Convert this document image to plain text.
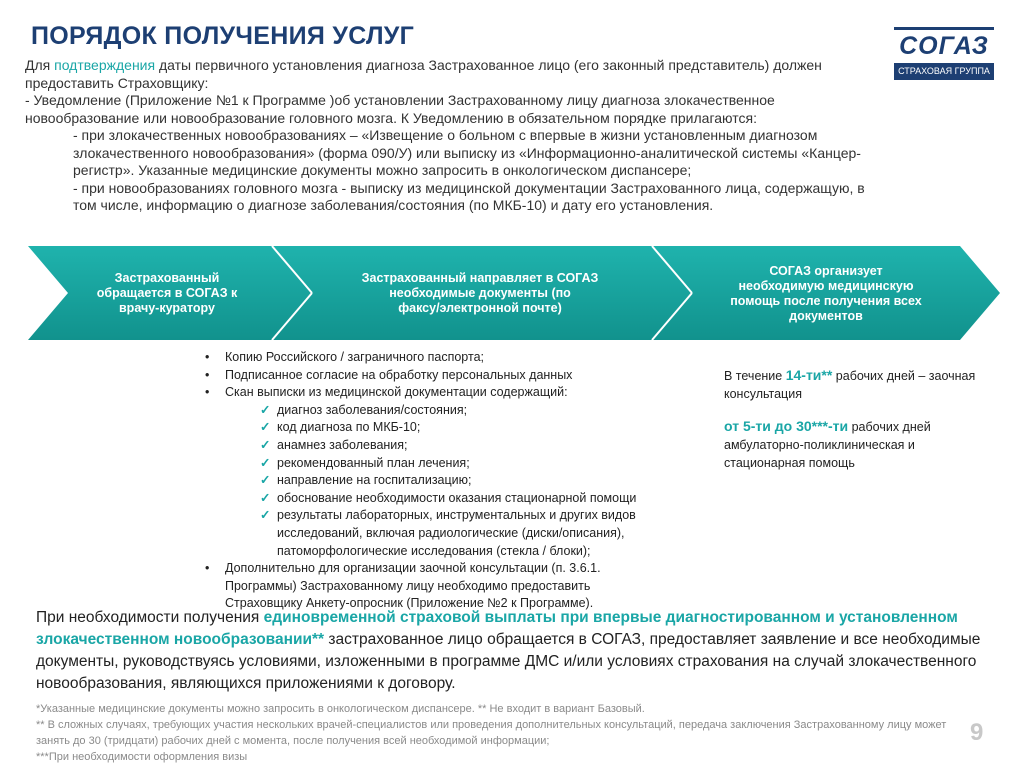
ПОРЯДОК ПОЛУЧЕНИЯ УСЛУГ	СОГАЗ
СТРАХОВАЯ ГРУППА

Для подтверждения даты первичного установления диагноза Застрахованное лицо (его законный представитель) должен предоставить Страховщику:

- Уведомление (Приложение №1 к Программе )об установлении Застрахованному лицу диагноза злокачественное новообразование или новообразование головного мозга. К Уведомлению в обязательном порядке прилагаются:

- при злокачественных новообразованиях – «Извещение о больном с впервые в жизни установленным диагнозом злокачественного новообразования» (форма 090/У) или выписку из «Информационно-аналитической системы «Канцер-регистр». Указанные медицинские документы можно запросить в онкологическом диспансере;

- при новообразованиях головного мозга - выписку из медицинской документации Застрахованного лица, содержащую, в том числе, информацию о диагнозе заболевания/состояния (по МКБ-10) и дату его установления.

Застрахованный
обращается в СОГАЗ к
врачу-куратору
Застрахованный направляет в СОГАЗ
необходимые документы (по
факсу/электронной почте)
СОГАЗ организует
необходимую медицинскую
помощь после получения всех
документов

• Копию Российского / заграничного паспорта;

• Подписанное согласие на обработку персональных данных

• Скан выписки из медицинской документации содержащий:

✓ диагноз заболевания/состояния;

✓ код диагноза по МКБ-10;

✓ анамнез заболевания;

✓ рекомендованный план лечения;

✓ направление на госпитализацию;

✓ обоснование необходимости оказания стационарной помощи

✓ результаты лабораторных, инструментальных и других видов исследований, включая радиологические (диски/описания), патоморфологические исследования (стекла / блоки);

• Дополнительно для организации заочной консультации (п. 3.6.1. Программы) Застрахованному лицу необходимо предоставить Страховщику Анкету-опросник (Приложение №2 к Программе).

В течение 14-ти** рабочих дней – заочная консультация

от 5-ти до 30***-ти рабочих дней амбулаторно-поликлиническая и стационарная помощь

При необходимости получения единовременной страховой выплаты при впервые диагностированном и установленном злокачественном новообразовании** застрахованное лицо обращается в СОГАЗ, предоставляет заявление и все необходимые документы, руководствуясь условиями, изложенными в программе ДМС и/или условиях страхования на случай злокачественного новообразования, являющихся приложениями к договору.

*Указанные медицинские документы можно запросить в онкологическом диспансере. ** Не входит в вариант Базовый.

** В сложных случаях, требующих участия нескольких врачей-специалистов или проведения дополнительных консультаций, передача заключения Застрахованному лицу может занять до 30 (тридцати) рабочих дней с момента, после получения всей необходимой информации;

***При необходимости оформления визы

9
